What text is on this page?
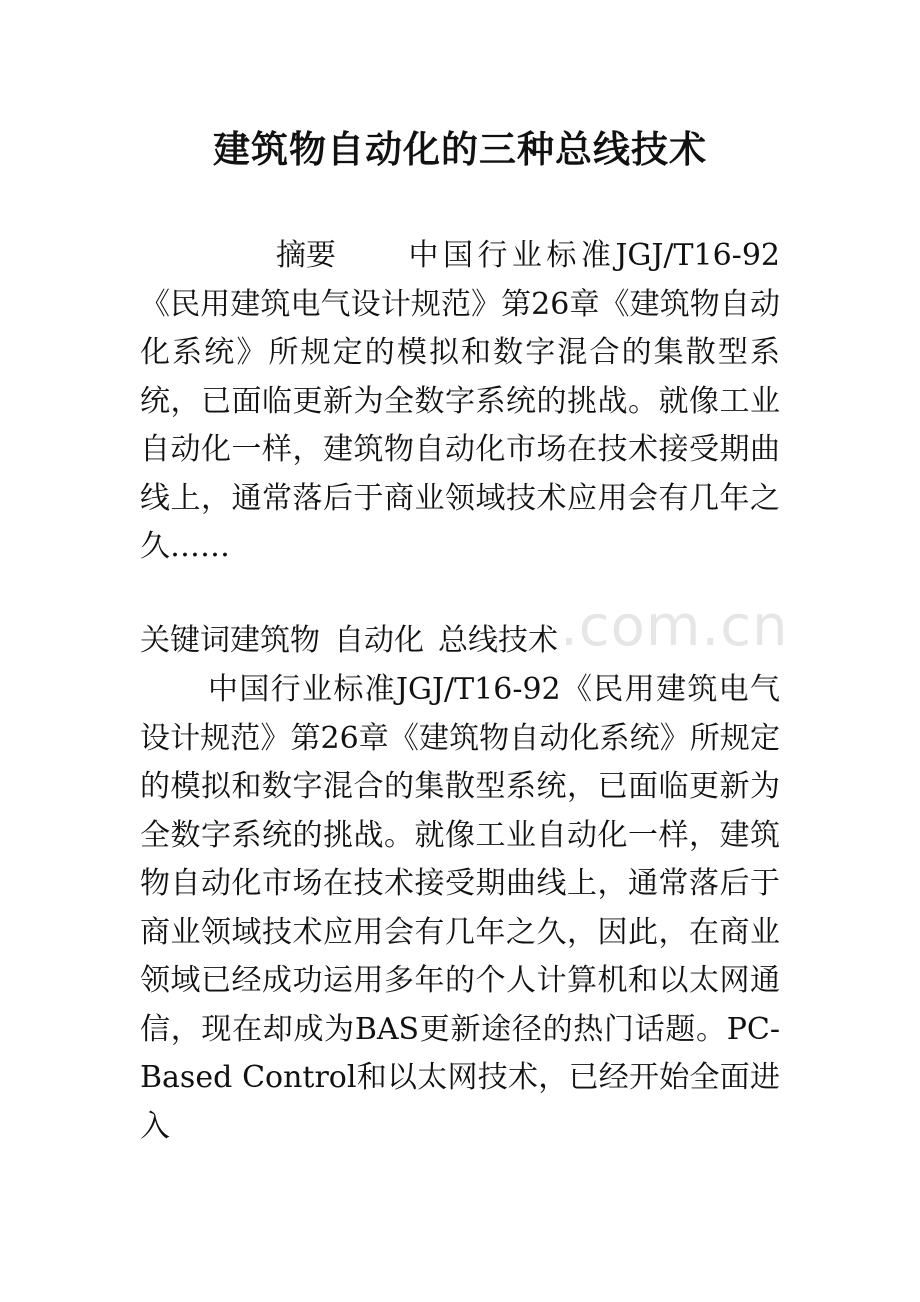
.com.cn
建筑物自动化的三种总线技术
摘要 中国行业标准JGJ/T16-92《民用建筑电气设计规范》第26章《建筑物自动化系统》所规定的模拟和数字混合的集散型系统，已面临更新为全数字系统的挑战。就像工业自动化一样，建筑物自动化市场在技术接受期曲线上，通常落后于商业领域技术应用会有几年之久……
关键词建筑物 自动化 总线技术
中国行业标准JGJ/T16-92《民用建筑电气设计规范》第26章《建筑物自动化系统》所规定的模拟和数字混合的集散型系统，已面临更新为全数字系统的挑战。就像工业自动化一样，建筑物自动化市场在技术接受期曲线上，通常落后于商业领域技术应用会有几年之久，因此，在商业领域已经成功运用多年的个人计算机和以太网通信，现在却成为BAS更新途径的热门话题。PC-Based Control和以太网技术，已经开始全面进入
